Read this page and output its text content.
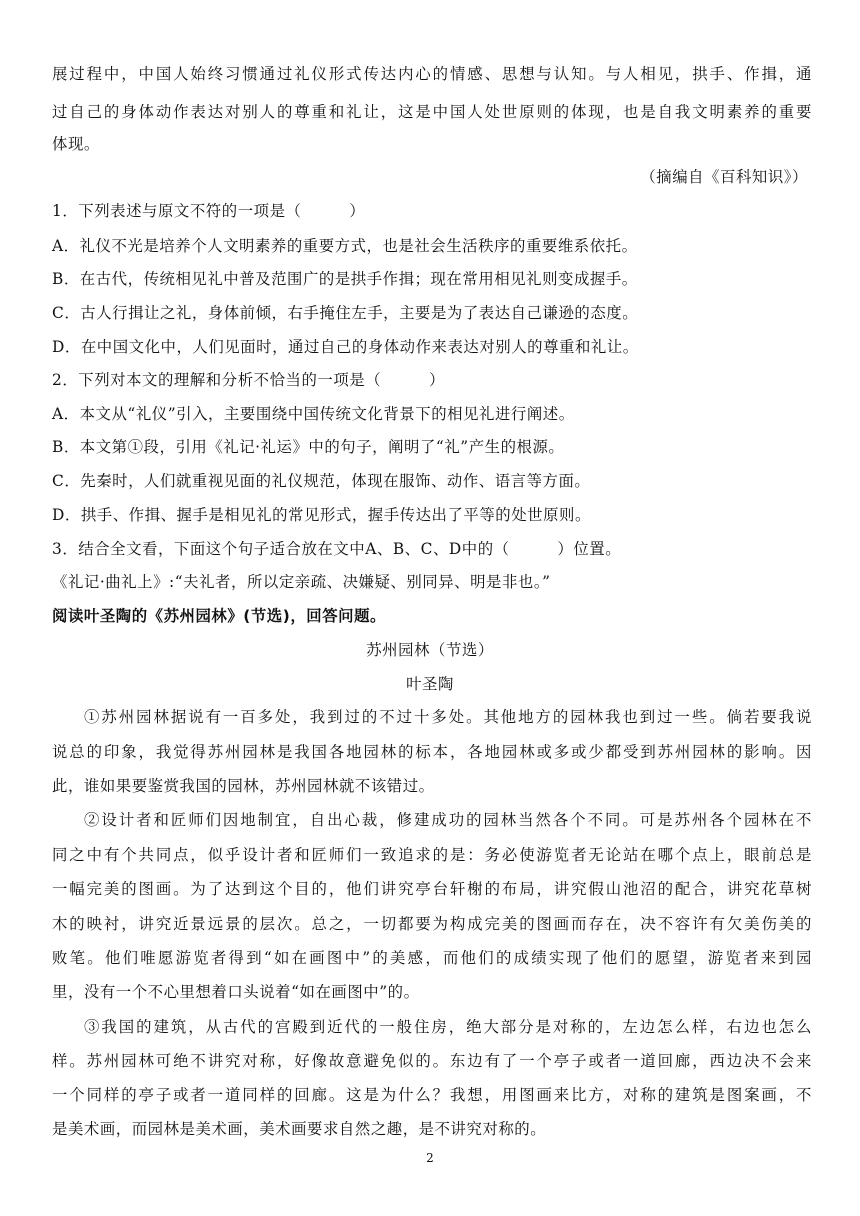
展过程中，中国人始终习惯通过礼仪形式传达内心的情感、思想与认知。与人相见，拱手、作揖，通
过自己的身体动作表达对别人的尊重和礼让，这是中国人处世原则的体现，也是自我文明素养的重要
体现。
（摘编自《百科知识》）
1．下列表述与原文不符的一项是（　　　）
A．礼仪不光是培养个人文明素养的重要方式，也是社会生活秩序的重要维系依托。
B．在古代，传统相见礼中普及范围广的是拱手作揖；现在常用相见礼则变成握手。
C．古人行揖让之礼，身体前倾，右手掩住左手，主要是为了表达自己谦逊的态度。
D．在中国文化中，人们见面时，通过自己的身体动作来表达对别人的尊重和礼让。
2．下列对本文的理解和分析不恰当的一项是（　　　）
A．本文从“礼仪”引入，主要围绕中国传统文化背景下的相见礼进行阐述。
B．本文第①段，引用《礼记·礼运》中的句子，阐明了“礼”产生的根源。
C．先秦时，人们就重视见面的礼仪规范，体现在服饰、动作、语言等方面。
D．拱手、作揖、握手是相见礼的常见形式，握手传达出了平等的处世原则。
3．结合全文看，下面这个句子适合放在文中A、B、C、D中的（　　　）位置。
《礼记·曲礼上》:“夫礼者，所以定亲疏、决嫌疑、别同异、明是非也。”
阅读叶圣陶的《苏州园林》(节选)，回答问题。
苏州园林（节选）
叶圣陶
①苏州园林据说有一百多处，我到过的不过十多处。其他地方的园林我也到过一些。倘若要我说
说总的印象，我觉得苏州园林是我国各地园林的标本，各地园林或多或少都受到苏州园林的影响。因
此，谁如果要鉴赏我国的园林，苏州园林就不该错过。
②设计者和匠师们因地制宜，自出心裁，修建成功的园林当然各个不同。可是苏州各个园林在不
同之中有个共同点，似乎设计者和匠师们一致追求的是：务必使游览者无论站在哪个点上，眼前总是
一幅完美的图画。为了达到这个目的，他们讲究亭台轩榭的布局，讲究假山池沼的配合，讲究花草树
木的映衬，讲究近景远景的层次。总之，一切都要为构成完美的图画而存在，决不容许有欠美伤美的
败笔。他们唯愿游览者得到“如在画图中”的美感，而他们的成绩实现了他们的愿望，游览者来到园
里，没有一个不心里想着口头说着“如在画图中”的。
③我国的建筑，从古代的宫殿到近代的一般住房，绝大部分是对称的，左边怎么样，右边也怎么
样。苏州园林可绝不讲究对称，好像故意避免似的。东边有了一个亭子或者一道回廊，西边决不会来
一个同样的亭子或者一道同样的回廊。这是为什么？我想，用图画来比方，对称的建筑是图案画，不
是美术画，而园林是美术画，美术画要求自然之趣，是不讲究对称的。
2
